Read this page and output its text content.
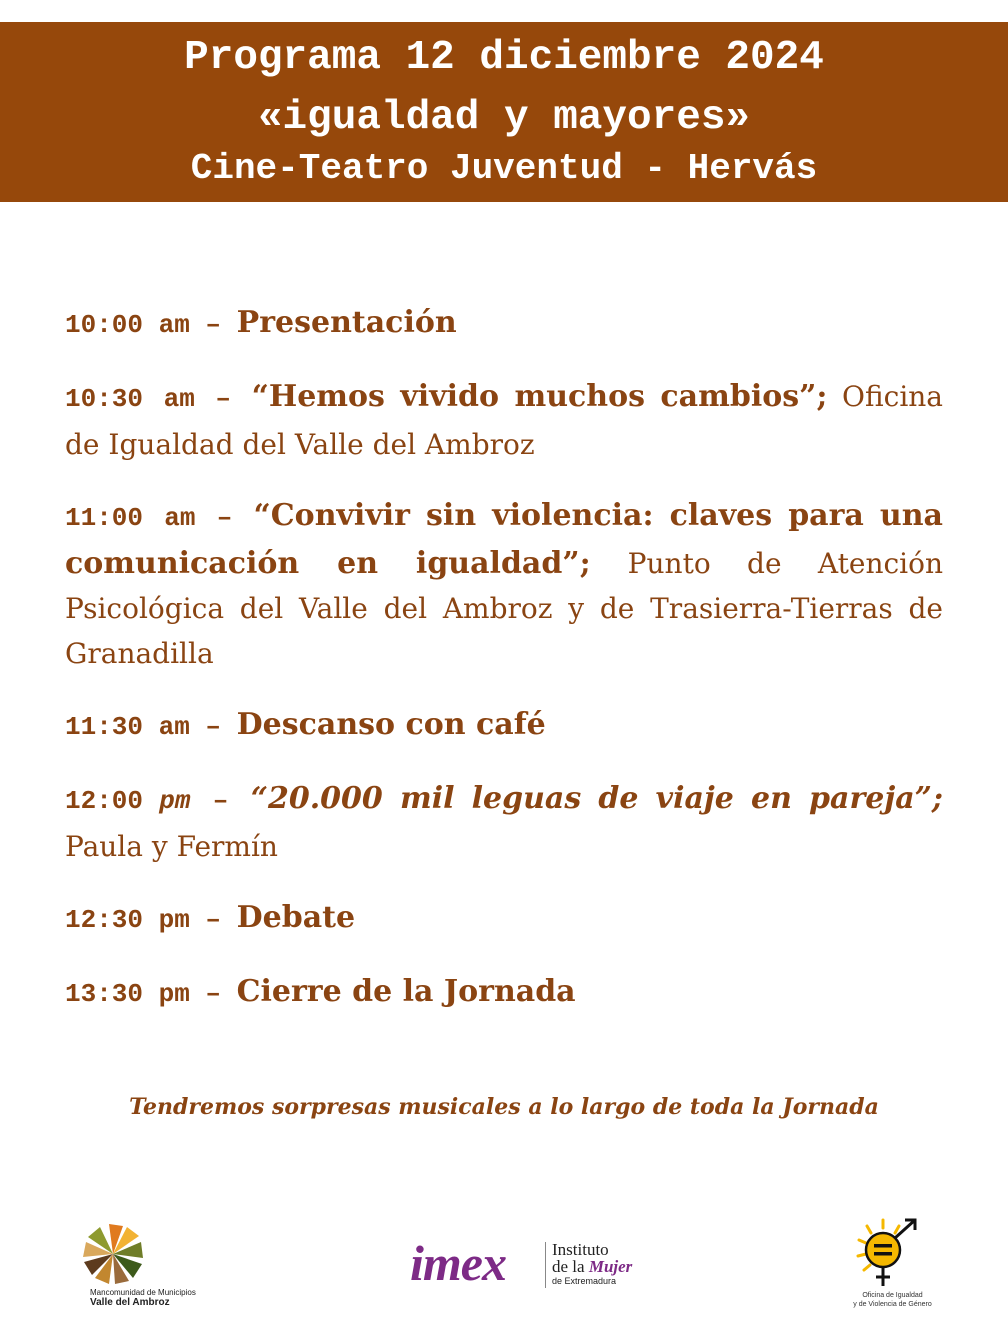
Programa 12 diciembre 2024
«igualdad y mayores»
Cine-Teatro Juventud - Hervás

10:00 am – Presentación

10:30 am – “Hemos vivido muchos cambios”; Oficina de Igualdad del Valle del Ambroz

11:00 am – “Convivir sin violencia: claves para una comunicación en igualdad”; Punto de Atención Psicológica del Valle del Ambroz y de Trasierra-Tierras de Granadilla

11:30 am – Descanso con café

12:00 pm – “20.000 mil leguas de viaje en pareja”; Paula y Fermín

12:30 pm – Debate

13:30 pm – Cierre de la Jornada

Tendremos sorpresas musicales a lo largo de toda la Jornada
Mancomunidad de Municipios
Valle del Ambroz
imex	Instituto
de la Mujer
de Extremadura
Oficina de Igualdad
y de Violencia de Género
